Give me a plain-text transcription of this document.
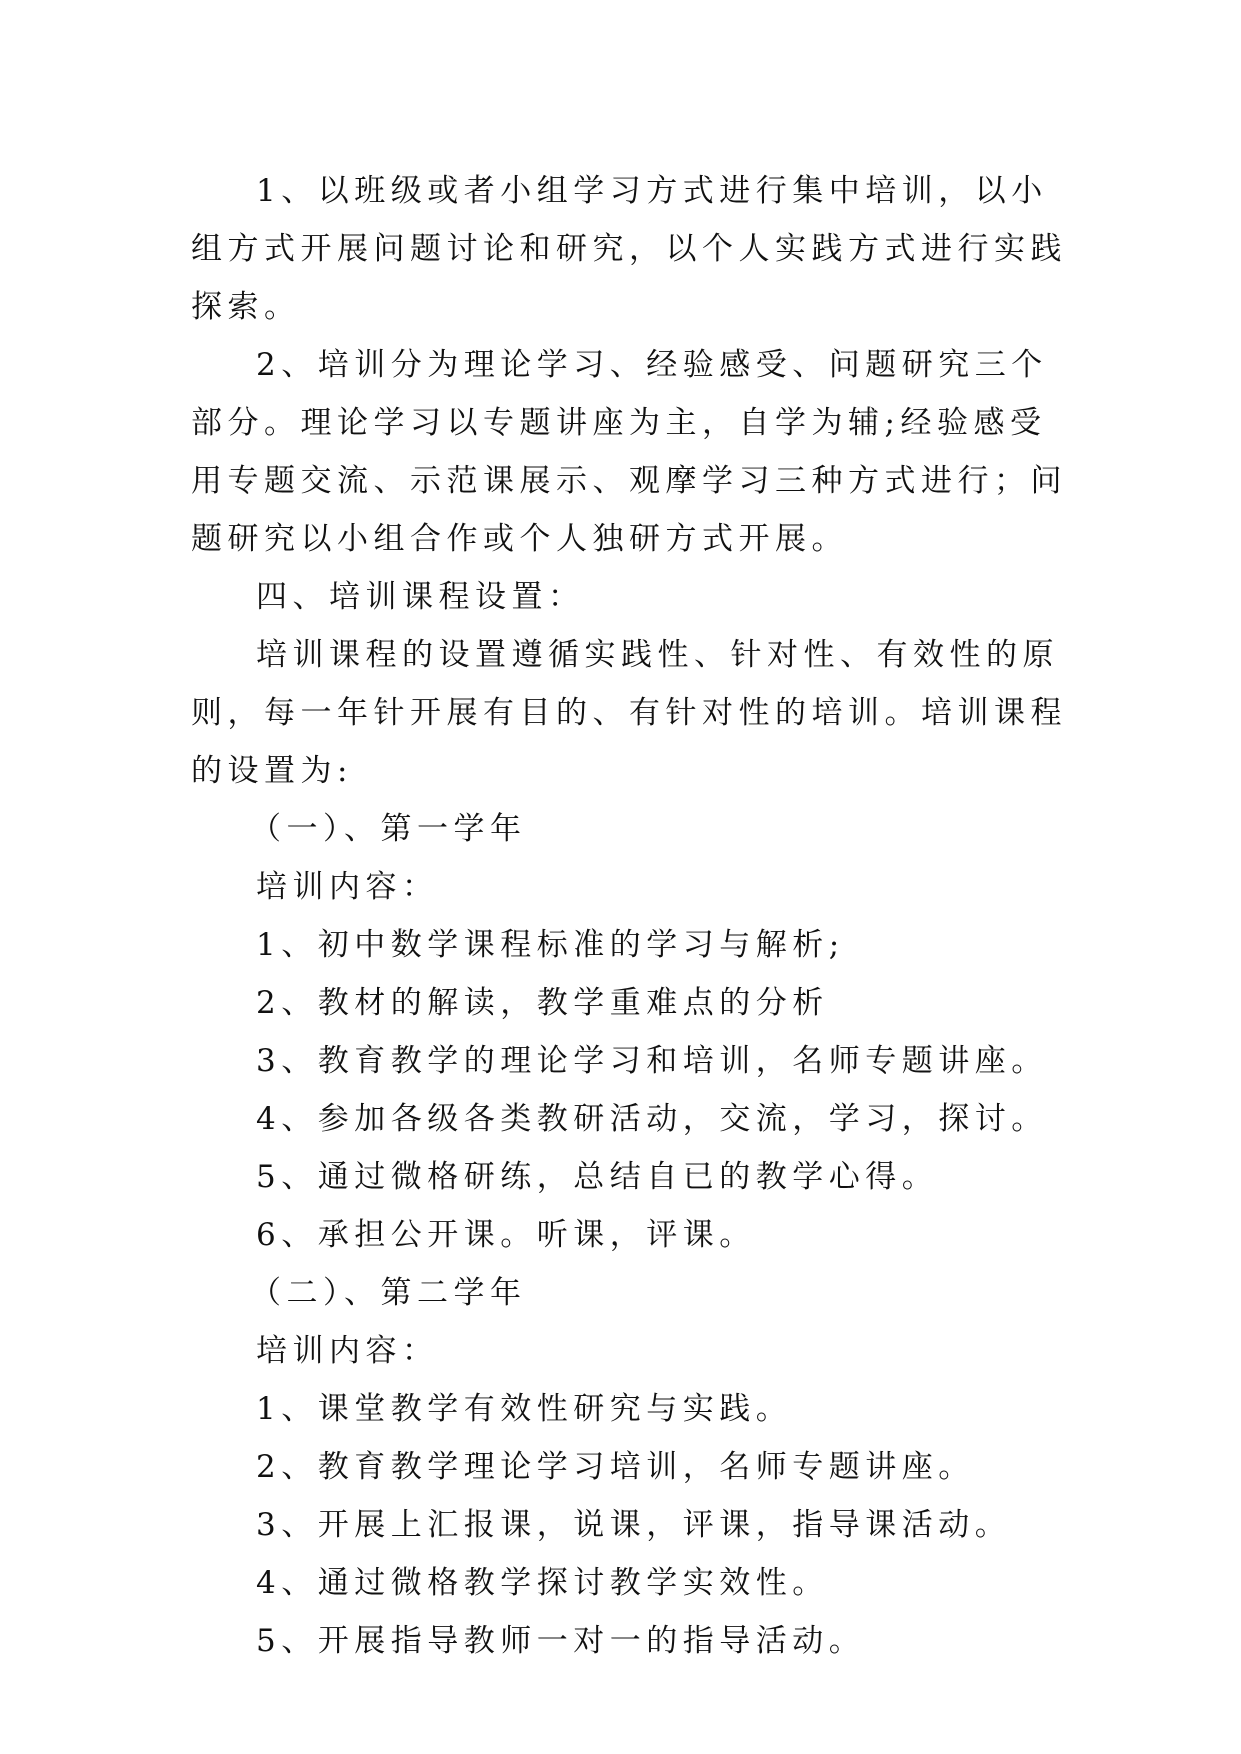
1、以班级或者小组学习方式进行集中培训，以小组方式开展问题讨论和研究，以个人实践方式进行实践探索。

2、培训分为理论学习、经验感受、问题研究三个部分。理论学习以专题讲座为主，自学为辅;经验感受用专题交流、示范课展示、观摩学习三种方式进行；问题研究以小组合作或个人独研方式开展。

四、培训课程设置：

培训课程的设置遵循实践性、针对性、有效性的原则，每一年针开展有目的、有针对性的培训。培训课程的设置为:

（一）、第一学年

培训内容：

1、初中数学课程标准的学习与解析;

2、教材的解读，教学重难点的分析

3、教育教学的理论学习和培训，名师专题讲座。

4、参加各级各类教研活动，交流，学习，探讨。

5、通过微格研练，总结自已的教学心得。

6、承担公开课。听课，评课。

（二）、第二学年

培训内容：

1、课堂教学有效性研究与实践。

2、教育教学理论学习培训，名师专题讲座。

3、开展上汇报课，说课，评课，指导课活动。

4、通过微格教学探讨教学实效性。

5、开展指导教师一对一的指导活动。
